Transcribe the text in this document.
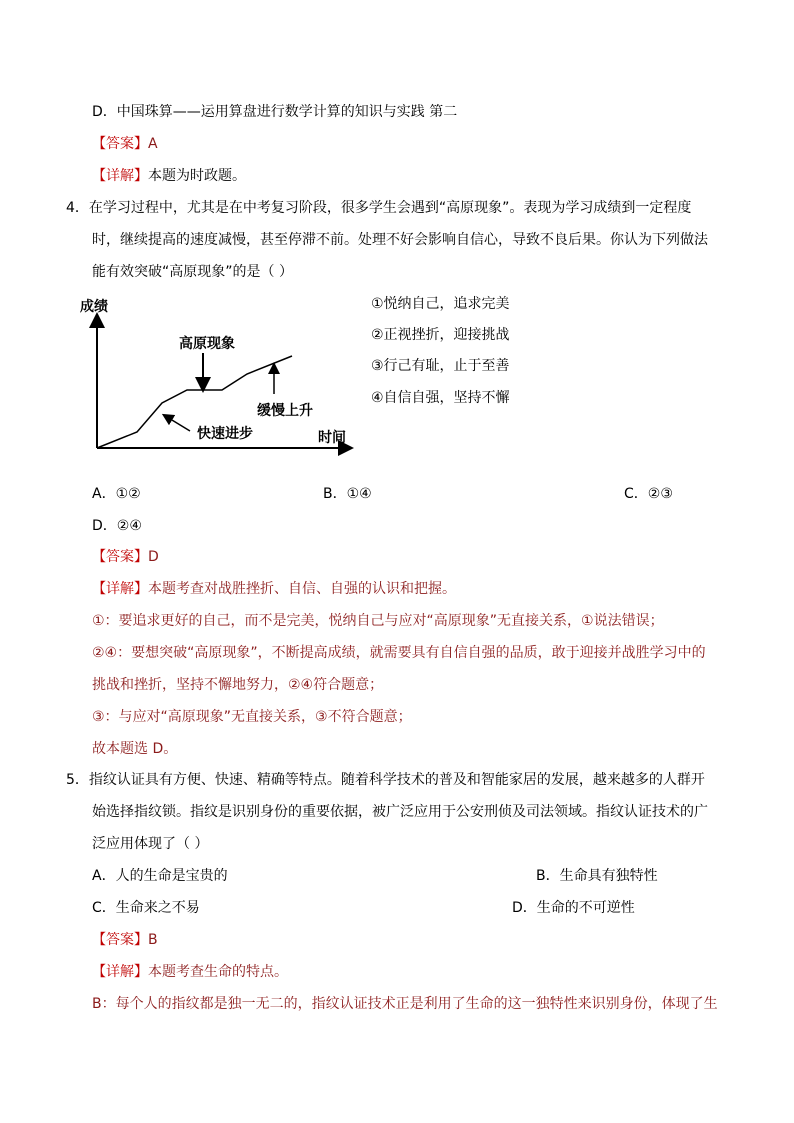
D．中国珠算——运用算盘进行数学计算的知识与实践 第二
【答案】A
【详解】本题为时政题。
4．在学习过程中，尤其是在中考复习阶段，很多学生会遇到“高原现象”。表现为学习成绩到一定程度
时，继续提高的速度减慢，甚至停滞不前。处理不好会影响自信心，导致不良后果。你认为下列做法
能有效突破“高原现象”的是（ ）
成绩
时间
高原现象
缓慢上升
快速进步
①悦纳自己，追求完美
②正视挫折，迎接挑战
③行己有耻，止于至善
④自信自强，坚持不懈
A．①②	B．①④	C．②③
D．②④
【答案】D
【详解】本题考查对战胜挫折、自信、自强的认识和把握。
①：要追求更好的自己，而不是完美，悦纳自己与应对“高原现象”无直接关系，①说法错误；
②④：要想突破“高原现象”，不断提高成绩，就需要具有自信自强的品质，敢于迎接并战胜学习中的
挑战和挫折，坚持不懈地努力，②④符合题意；
③：与应对“高原现象”无直接关系，③不符合题意；
故本题选 D。
5．指纹认证具有方便、快速、精确等特点。随着科学技术的普及和智能家居的发展，越来越多的人群开
始选择指纹锁。指纹是识别身份的重要依据，被广泛应用于公安刑侦及司法领域。指纹认证技术的广
泛应用体现了（ ）
A．人的生命是宝贵的	B．生命具有独特性
C．生命来之不易	D．生命的不可逆性
【答案】B
【详解】本题考查生命的特点。
B：每个人的指纹都是独一无二的，指纹认证技术正是利用了生命的这一独特性来识别身份，体现了生
